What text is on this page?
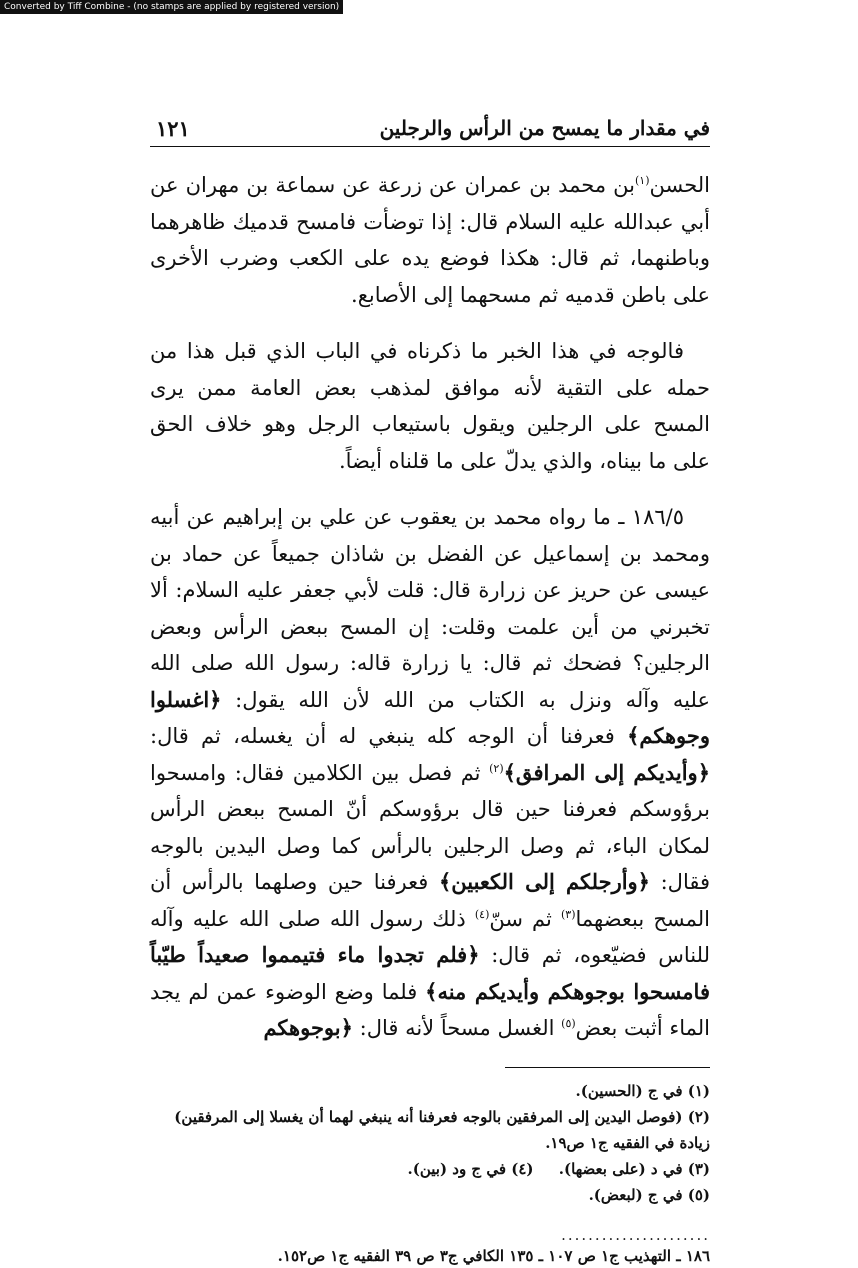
Converted by Tiff Combine - (no stamps are applied by registered version)
في مقدار ما يمسح من الرأس والرجلين
١٢١

الحسن$^{(١)}$بن محمد بن عمران عن زرعة عن سماعة بن مهران عن أبي عبدالله عليه السلام قال: إذا توضأت فامسح قدميك ظاهرهما وباطنهما، ثم قال: هكذا فوضع يده على الكعب وضرب الأخرى على باطن قدميه ثم مسحهما إلى الأصابع.

فالوجه في هذا الخبر ما ذكرناه في الباب الذي قبل هذا من حمله على التقية لأنه موافق لمذهب بعض العامة ممن يرى المسح على الرجلين ويقول باستيعاب الرجل وهو خلاف الحق على ما بيناه، والذي يدلّ على ما قلناه أيضاً.

١٨٦/٥ ـ ما رواه محمد بن يعقوب عن علي بن إبراهيم عن أبيه ومحمد بن إسماعيل عن الفضل بن شاذان جميعاً عن حماد بن عيسى عن حريز عن زرارة قال: قلت لأبي جعفر عليه السلام: ألا تخبرني من أين علمت وقلت: إن المسح ببعض الرأس وبعض الرجلين؟ فضحك ثم قال: يا زرارة قاله: رسول الله صلى الله عليه وآله ونزل به الكتاب من الله لأن الله يقول: ﴿اغسلوا وجوهكم﴾ فعرفنا أن الوجه كله ينبغي له أن يغسله، ثم قال: ﴿وأيديكم إلى المرافق﴾$^{(٢)}$ ثم فصل بين الكلامين فقال: وامسحوا برؤوسكم فعرفنا حين قال برؤوسكم أنّ المسح ببعض الرأس لمكان الباء، ثم وصل الرجلين بالرأس كما وصل اليدين بالوجه فقال: ﴿وأرجلكم إلى الكعبين﴾ فعرفنا حين وصلهما بالرأس أن المسح ببعضهما$^{(٣)}$ ثم سنّ$^{(٤)}$ ذلك رسول الله صلى الله عليه وآله للناس فضيّعوه، ثم قال: ﴿فلم تجدوا ماء فتيمموا صعيداً طيّباً فامسحوا بوجوهكم وأيديكم منه﴾ فلما وضع الوضوء عمن لم يجد الماء أثبت بعض$^{(٥)}$ الغسل مسحاً لأنه قال: ﴿بوجوهكم

(١) في ج (الحسين).
(٢) (فوصل اليدين إلى المرفقين بالوجه فعرفنا أنه ينبغي لهما أن يغسلا إلى المرفقين) زيادة في الفقيه ج١ ص١٩.
(٣) في د (على بعضها). (٤) في ج ود (بين).
(٥) في ج (لبعض).
......................
١٨٦ ـ التهذيب ج١ ص ١٠٧ ـ ١٣٥ الكافي ج٣ ص ٣٩ الفقيه ج١ ص١٥٢.
